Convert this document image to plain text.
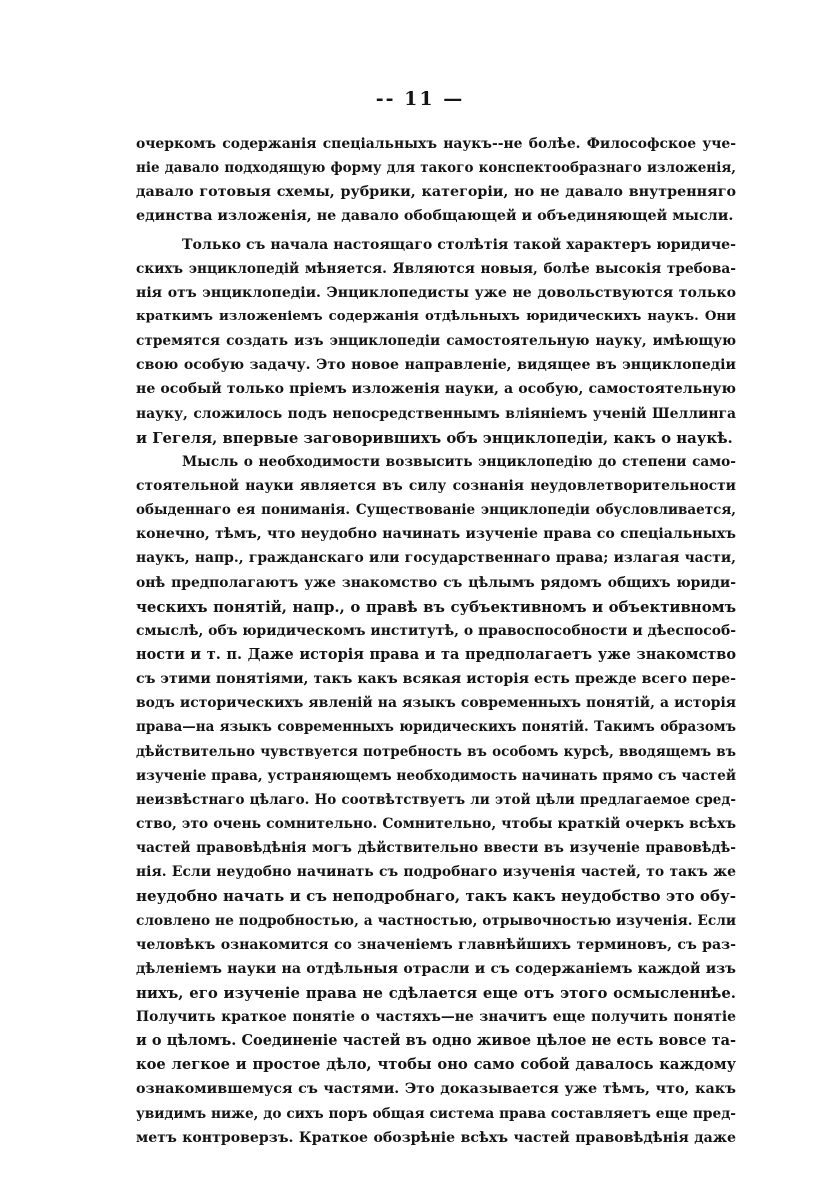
-- 11 —
очеркомъ содержанія спеціальныхъ наукъ--не болѣе. Философское уче-
ніе давало подходящую форму для такого конспектообразнаго изложенія,
давало готовыя схемы, рубрики, категоріи, но не давало внутренняго
единства изложенія, не давало обобщающей и объединяющей мысли.
Только съ начала настоящаго столѣтія такой характеръ юридиче-
скихъ энциклопедій мѣняется. Являются новыя, болѣе высокія требова-
нія отъ энциклопедіи. Энциклопедисты уже не довольствуются только
краткимъ изложеніемъ содержанія отдѣльныхъ юридическихъ наукъ. Они
стремятся создать изъ энциклопедіи самостоятельную науку, имѣющую
свою особую задачу. Это новое направленіе, видящее въ энциклопедіи
не особый только пріемъ изложенія науки, а особую, самостоятельную
науку, сложилось подъ непосредственнымъ вліяніемъ ученій Шеллинга
и Гегеля, впервые заговорившихъ объ энциклопедіи, какъ о наукѣ.
Мысль о необходимости возвысить энциклопедію до степени само-
стоятельной науки является въ силу сознанія неудовлетворительности
обыденнаго ея пониманія. Существованіе энциклопедіи обусловливается,
конечно, тѣмъ, что неудобно начинать изученіе права со спеціальныхъ
наукъ, напр., гражданскаго или государственнаго права; излагая части,
онѣ предполагаютъ уже знакомство съ цѣлымъ рядомъ общихъ юриди-
ческихъ понятій, напр., о правѣ въ субъективномъ и объективномъ
смыслѣ, объ юридическомъ институтѣ, о правоспособности и дѣеспособ-
ности и т. п. Даже исторія права и та предполагаетъ уже знакомство
съ этими понятіями, такъ какъ всякая исторія есть прежде всего пере-
водъ историческихъ явленій на языкъ современныхъ понятій, а исторія
права—на языкъ современныхъ юридическихъ понятій. Такимъ образомъ
дѣйствительно чувствуется потребность въ особомъ курсѣ, вводящемъ въ
изученіе права, устраняющемъ необходимость начинать прямо съ частей
неизвѣстнаго цѣлаго. Но соотвѣтствуетъ ли этой цѣли предлагаемое сред-
ство, это очень сомнительно. Сомнительно, чтобы краткій очеркъ всѣхъ
частей правовѣдѣнія могъ дѣйствительно ввести въ изученіе правовѣдѣ-
нія. Если неудобно начинать съ подробнаго изученія частей, то такъ же
неудобно начать и съ неподробнаго, такъ какъ неудобство это обу-
словлено не подробностью, а частностью, отрывочностью изученія. Если
человѣкъ ознакомится со значеніемъ главнѣйшихъ терминовъ, съ раз-
дѣленіемъ науки на отдѣльныя отрасли и съ содержаніемъ каждой изъ
нихъ, его изученіе права не сдѣлается еще отъ этого осмысленнѣе.
Получить краткое понятіе о частяхъ—не значитъ еще получить понятіе
и о цѣломъ. Соединеніе частей въ одно живое цѣлое не есть вовсе та-
кое легкое и простое дѣло, чтобы оно само собой давалось каждому
ознакомившемуся съ частями. Это доказывается уже тѣмъ, что, какъ
увидимъ ниже, до сихъ поръ общая система права составляетъ еще пред-
метъ контроверзъ. Краткое обозрѣніе всѣхъ частей правовѣдѣнія даже
